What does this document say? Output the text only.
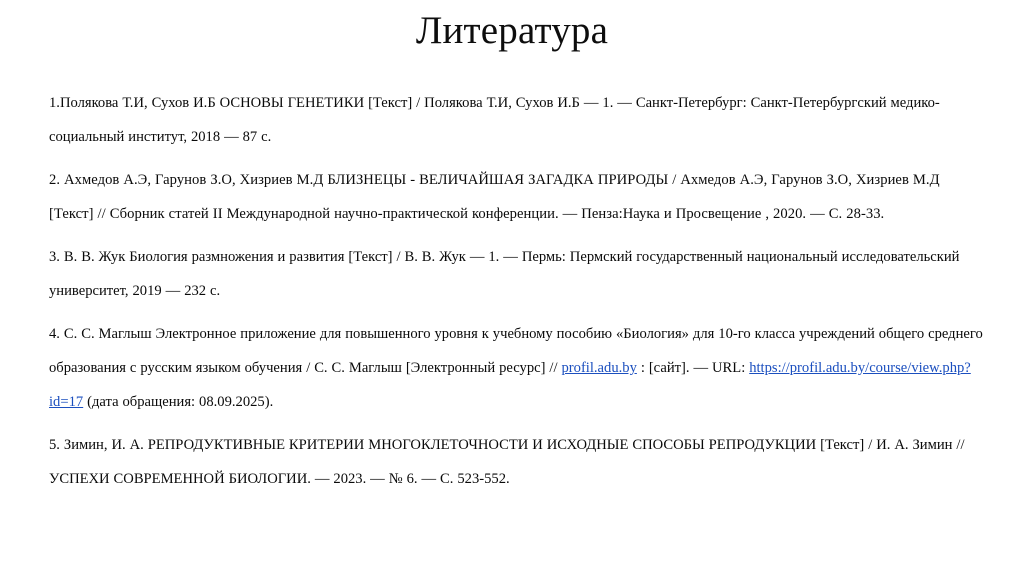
Литература

1.Полякова Т.И, Сухов И.Б ОСНОВЫ ГЕНЕТИКИ [Текст] / Полякова Т.И, Сухов И.Б — 1. — Санкт-Петербург: Санкт-Петербургский медико-социальный институт, 2018 — 87 с.

2. Ахмедов А.Э, Гарунов З.О, Хизриев М.Д БЛИЗНЕЦЫ - ВЕЛИЧАЙШАЯ ЗАГАДКА ПРИРОДЫ / Ахмедов А.Э, Гарунов З.О, Хизриев М.Д [Текст] // Сборник статей II Международной научно-практической конференции. — Пенза:Наука и Просвещение , 2020. — С. 28-33.

3. В. В. Жук Биология размножения и развития [Текст] / В. В. Жук — 1. — Пермь: Пермский государственный национальный исследовательский университет, 2019 — 232 с.

4. С. С. Маглыш Электронное приложение для повышенного уровня к учебному пособию «Биология» для 10-го класса учреждений общего среднего образования с русским языком обучения / С. С. Маглыш [Электронный ресурс] // profil.adu.by : [сайт]. — URL: https://profil.adu.by/course/view.php?id=17 (дата обращения: 08.09.2025).

5. Зимин, И. А. РЕПРОДУКТИВНЫЕ КРИТЕРИИ МНОГОКЛЕТОЧНОСТИ И ИСХОДНЫЕ СПОСОБЫ РЕПРОДУКЦИИ [Текст] / И. А. Зимин // УСПЕХИ СОВРЕМЕННОЙ БИОЛОГИИ. — 2023. — № 6. — С. 523-552.
